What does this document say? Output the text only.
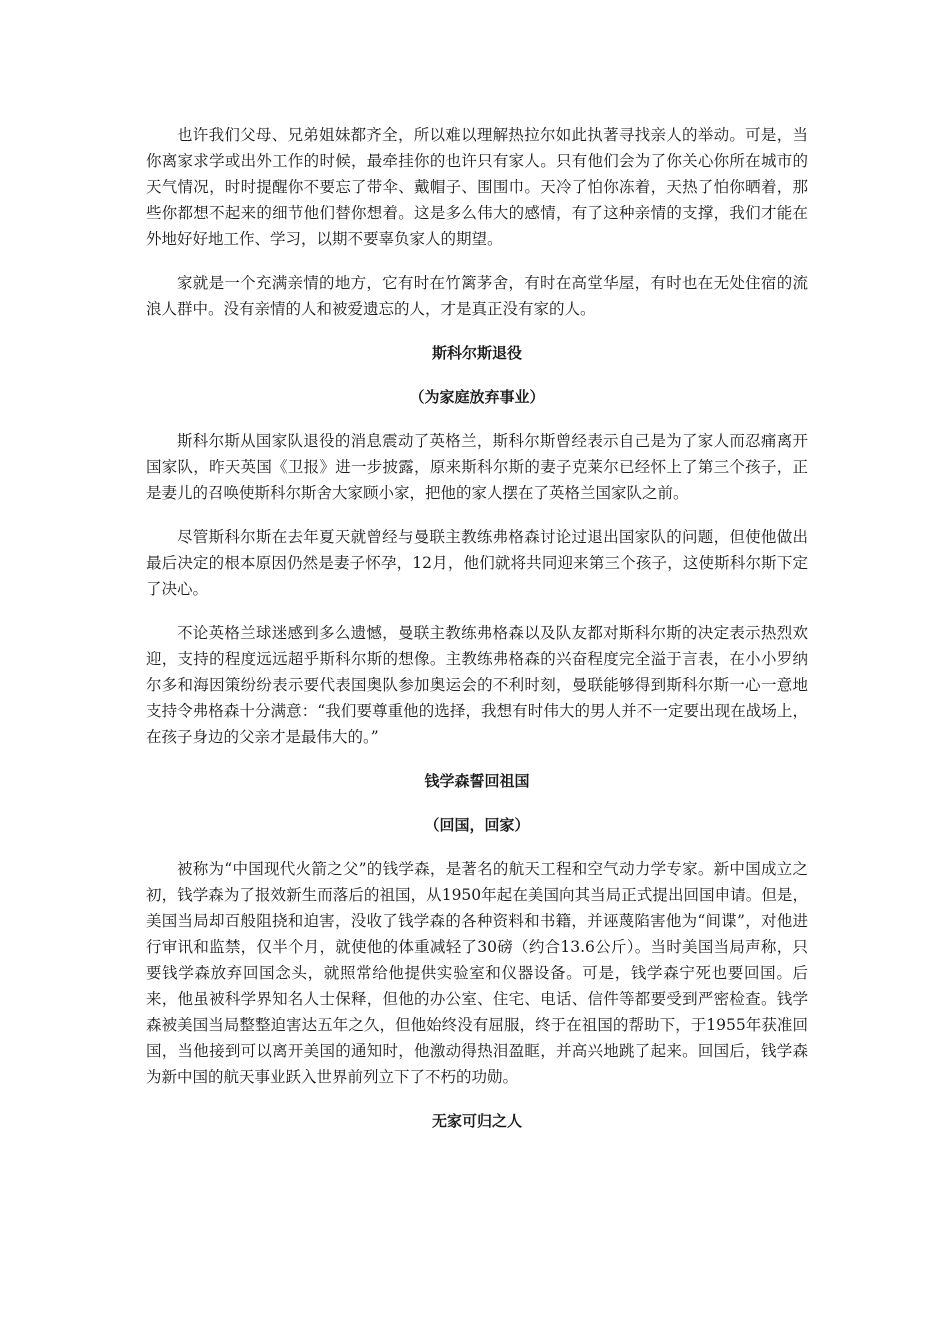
也许我们父母、兄弟姐妹都齐全，所以难以理解热拉尔如此执著寻找亲人的举动。可是，当你离家求学或出外工作的时候，最牵挂你的也许只有家人。只有他们会为了你关心你所在城市的天气情况，时时提醒你不要忘了带伞、戴帽子、围围巾。天冷了怕你冻着，天热了怕你晒着，那些你都想不起来的细节他们替你想着。这是多么伟大的感情，有了这种亲情的支撑，我们才能在外地好好地工作、学习，以期不要辜负家人的期望。

家就是一个充满亲情的地方，它有时在竹篱茅舍，有时在高堂华屋，有时也在无处住宿的流浪人群中。没有亲情的人和被爱遗忘的人，才是真正没有家的人。

斯科尔斯退役
（为家庭放弃事业）

斯科尔斯从国家队退役的消息震动了英格兰，斯科尔斯曾经表示自己是为了家人而忍痛离开国家队，昨天英国《卫报》进一步披露，原来斯科尔斯的妻子克莱尔已经怀上了第三个孩子，正是妻儿的召唤使斯科尔斯舍大家顾小家，把他的家人摆在了英格兰国家队之前。

尽管斯科尔斯在去年夏天就曾经与曼联主教练弗格森讨论过退出国家队的问题，但使他做出最后决定的根本原因仍然是妻子怀孕，12月，他们就将共同迎来第三个孩子，这使斯科尔斯下定了决心。

不论英格兰球迷感到多么遗憾，曼联主教练弗格森以及队友都对斯科尔斯的决定表示热烈欢迎，支持的程度远远超乎斯科尔斯的想像。主教练弗格森的兴奋程度完全溢于言表，在小小罗纳尔多和海因策纷纷表示要代表国奥队参加奥运会的不利时刻，曼联能够得到斯科尔斯一心一意地支持令弗格森十分满意：“我们要尊重他的选择，我想有时伟大的男人并不一定要出现在战场上，在孩子身边的父亲才是最伟大的。”

钱学森誓回祖国
（回国，回家）

被称为“中国现代火箭之父”的钱学森，是著名的航天工程和空气动力学专家。新中国成立之初，钱学森为了报效新生而落后的祖国，从1950年起在美国向其当局正式提出回国申请。但是，美国当局却百般阻挠和迫害，没收了钱学森的各种资料和书籍，并诬蔑陷害他为“间谍”，对他进行审讯和监禁，仅半个月，就使他的体重减轻了30磅（约合13.6公斤）。当时美国当局声称，只要钱学森放弃回国念头，就照常给他提供实验室和仪器设备。可是，钱学森宁死也要回国。后来，他虽被科学界知名人士保释，但他的办公室、住宅、电话、信件等都要受到严密检查。钱学森被美国当局整整迫害达五年之久，但他始终没有屈服，终于在祖国的帮助下，于1955年获准回国，当他接到可以离开美国的通知时，他激动得热泪盈眶，并高兴地跳了起来。回国后，钱学森为新中国的航天事业跃入世界前列立下了不朽的功勋。

无家可归之人
